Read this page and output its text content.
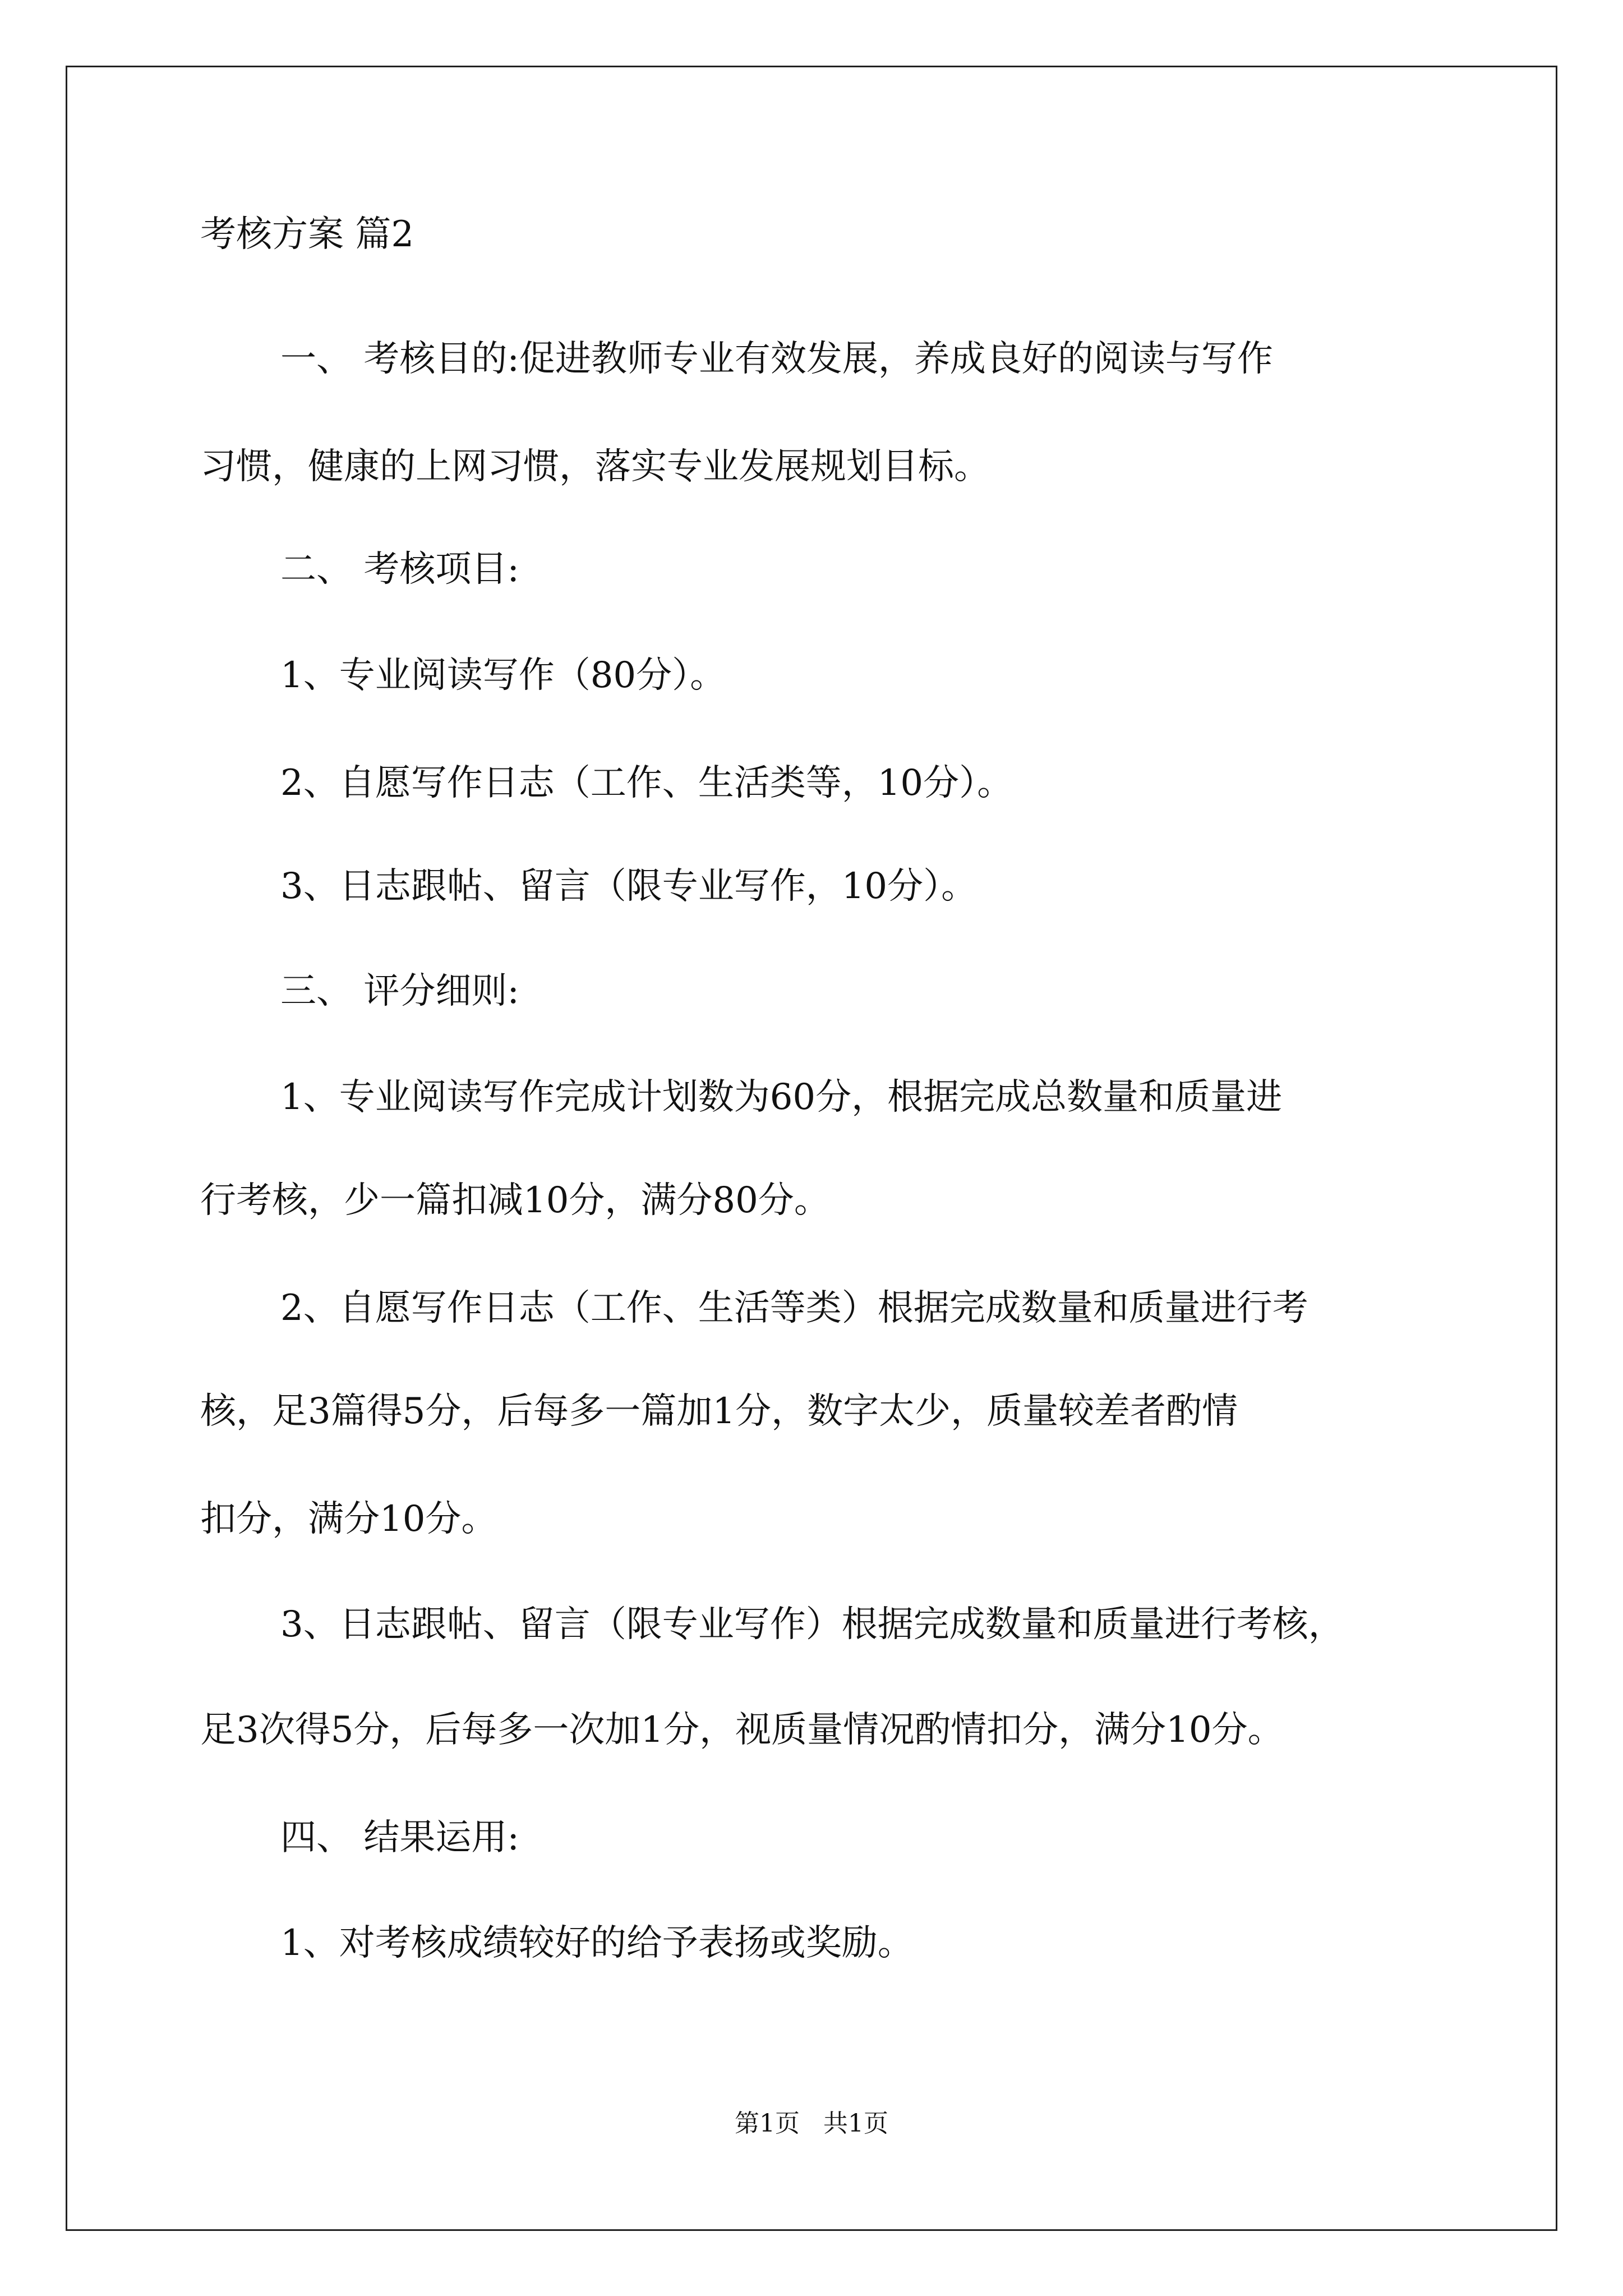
考核方案 篇2

一、 考核目的:促进教师专业有效发展，养成良好的阅读与写作

习惯，健康的上网习惯，落实专业发展规划目标。

二、 考核项目:

1、专业阅读写作（80分）。

2、自愿写作日志（工作、生活类等，10分）。

3、日志跟帖、留言（限专业写作，10分）。

三、 评分细则:

1、专业阅读写作完成计划数为60分，根据完成总数量和质量进

行考核，少一篇扣减10分，满分80分。

2、自愿写作日志（工作、生活等类）根据完成数量和质量进行考

核，足3篇得5分，后每多一篇加1分，数字太少，质量较差者酌情

扣分，满分10分。

3、日志跟帖、留言（限专业写作）根据完成数量和质量进行考核，

足3次得5分，后每多一次加1分，视质量情况酌情扣分，满分10分。

四、 结果运用:

1、对考核成绩较好的给予表扬或奖励。

第1页   共1页
